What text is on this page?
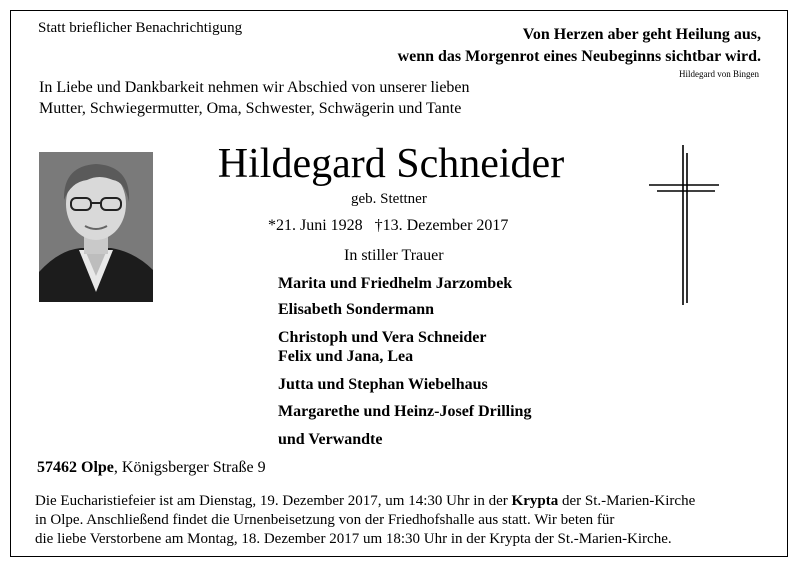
Statt brieflicher Benachrichtigung	Von Herzen aber geht Heilung aus,
wenn das Morgenrot eines Neubeginns sichtbar wird.
Hildegard von Bingen
In Liebe und Dankbarkeit nehmen wir Abschied von unserer lieben
Mutter, Schwiegermutter, Oma, Schwester, Schwägerin und Tante
Hildegard Schneider
geb. Stettner
*21. Juni 1928   †13. Dezember 2017
In stiller Trauer
Marita und Friedhelm Jarzombek
Elisabeth Sondermann
Christoph und Vera Schneider
Felix und Jana, Lea
Jutta und Stephan Wiebelhaus
Margarethe und Heinz-Josef Drilling
und Verwandte
57462 Olpe, Königsberger Straße 9
Die Eucharistiefeier ist am Dienstag, 19. Dezember 2017, um 14:30 Uhr in der Krypta der St.-Marien-Kirche
in Olpe. Anschließend findet die Urnenbeisetzung von der Friedhofshalle aus statt. Wir beten für
die liebe Verstorbene am Montag, 18. Dezember 2017 um 18:30 Uhr in der Krypta der St.-Marien-Kirche.
